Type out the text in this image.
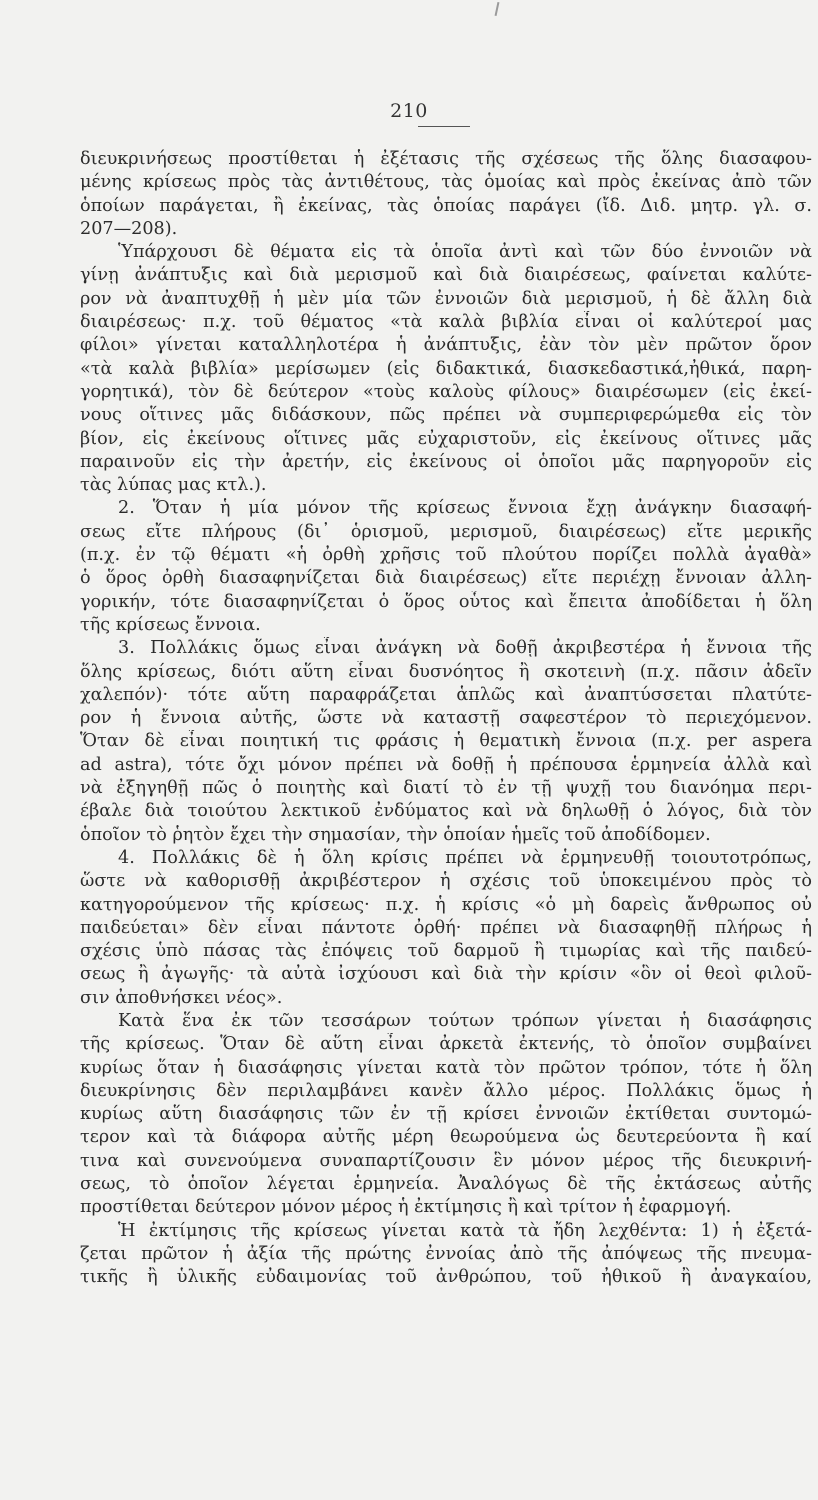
210
διευκρινήσεως προστίθεται ἡ ἐξέτασις τῆς σχέσεως τῆς ὅλης διασαφου-
μένης κρίσεως πρὸς τὰς ἀντιθέτους, τὰς ὁμοίας καὶ πρὸς ἐκείνας ἀπὸ τῶν
ὁποίων παράγεται, ἢ ἐκείνας, τὰς ὁποίας παράγει (ἴδ. Διδ. μητρ. γλ. σ.
207—208).
Ὑπάρχουσι δὲ θέματα εἰς τὰ ὁποῖα ἀντὶ καὶ τῶν δύο ἐννοιῶν νὰ
γίνῃ ἀνάπτυξις καὶ διὰ μερισμοῦ καὶ διὰ διαιρέσεως, φαίνεται καλύτε-
ρον νὰ ἀναπτυχθῇ ἡ μὲν μία τῶν ἐννοιῶν διὰ μερισμοῦ, ἡ δὲ ἄλλη διὰ
διαιρέσεως· π.χ. τοῦ θέματος «τὰ καλὰ βιβλία εἶναι οἱ καλύτεροί μας
φίλοι» γίνεται καταλληλοτέρα ἡ ἀνάπτυξις, ἐὰν τὸν μὲν πρῶτον ὅρον
«τὰ καλὰ βιβλία» μερίσωμεν (εἰς διδακτικά, διασκεδαστικά,ἠθικά, παρη-
γορητικά), τὸν δὲ δεύτερον «τοὺς καλοὺς φίλους» διαιρέσωμεν (εἰς ἐκεί-
νους οἵτινες μᾶς διδάσκουν, πῶς πρέπει νὰ συμπεριφερώμεθα εἰς τὸν
βίον, εἰς ἐκείνους οἵτινες μᾶς εὐχαριστοῦν, εἰς ἐκείνους οἵτινες μᾶς
παραινοῦν εἰς τὴν ἀρετήν, εἰς ἐκείνους οἱ ὁποῖοι μᾶς παρηγοροῦν εἰς
τὰς λύπας μας κτλ.).
2. Ὅταν ἡ μία μόνον τῆς κρίσεως ἔννοια ἔχῃ ἀνάγκην διασαφή-
σεως εἴτε πλήρους (δι᾽ ὁρισμοῦ, μερισμοῦ, διαιρέσεως) εἴτε μερικῆς
(π.χ. ἐν τῷ θέματι «ἡ ὀρθὴ χρῆσις τοῦ πλούτου πορίζει πολλὰ ἀγαθὰ»
ὁ ὅρος ὀρθὴ διασαφηνίζεται διὰ διαιρέσεως) εἴτε περιέχῃ ἔννοιαν ἀλλη-
γορικήν, τότε διασαφηνίζεται ὁ ὅρος οὗτος καὶ ἔπειτα ἀποδίδεται ἡ ὅλη
τῆς κρίσεως ἔννοια.
3. Πολλάκις ὅμως εἶναι ἀνάγκη νὰ δοθῇ ἀκριβεστέρα ἡ ἔννοια τῆς
ὅλης κρίσεως, διότι αὕτη εἶναι δυσνόητος ἢ σκοτεινὴ (π.χ. πᾶσιν ἀδεῖν
χαλεπόν)· τότε αὕτη παραφράζεται ἁπλῶς καὶ ἀναπτύσσεται πλατύτε-
ρον ἡ ἔννοια αὐτῆς, ὥστε νὰ καταστῇ σαφεστέρον τὸ περιεχόμενον.
Ὅταν δὲ εἶναι ποιητική τις φράσις ἡ θεματικὴ ἔννοια (π.χ. per aspera
ad astra), τότε ὄχι μόνον πρέπει νὰ δοθῇ ἡ πρέπουσα ἑρμηνεία ἀλλὰ καὶ
νὰ ἐξηγηθῇ πῶς ὁ ποιητὴς καὶ διατί τὸ ἐν τῇ ψυχῇ του διανόημα περι-
έβαλε διὰ τοιούτου λεκτικοῦ ἐνδύματος καὶ νὰ δηλωθῇ ὁ λόγος, διὰ τὸν
ὁποῖον τὸ ῥητὸν ἔχει τὴν σημασίαν, τὴν ὁποίαν ἡμεῖς τοῦ ἀποδίδομεν.
4. Πολλάκις δὲ ἡ ὅλη κρίσις πρέπει νὰ ἑρμηνευθῇ τοιουτοτρόπως,
ὥστε νὰ καθορισθῇ ἀκριβέστερον ἡ σχέσις τοῦ ὑποκειμένου πρὸς τὸ
κατηγορούμενον τῆς κρίσεως· π.χ. ἡ κρίσις «ὁ μὴ δαρεὶς ἄνθρωπος οὐ
παιδεύεται» δὲν εἶναι πάντοτε ὀρθή· πρέπει νὰ διασαφηθῇ πλήρως ἡ
σχέσις ὑπὸ πάσας τὰς ἐπόψεις τοῦ δαρμοῦ ἢ τιμωρίας καὶ τῆς παιδεύ-
σεως ἢ ἀγωγῆς· τὰ αὐτὰ ἰσχύουσι καὶ διὰ τὴν κρίσιν «ὃν οἱ θεοὶ φιλοῦ-
σιν ἀποθνήσκει νέος».
Κατὰ ἕνα ἐκ τῶν τεσσάρων τούτων τρόπων γίνεται ἡ διασάφησις
τῆς κρίσεως. Ὅταν δὲ αὕτη εἶναι ἀρκετὰ ἐκτενής, τὸ ὁποῖον συμβαίνει
κυρίως ὅταν ἡ διασάφησις γίνεται κατὰ τὸν πρῶτον τρόπον, τότε ἡ ὅλη
διευκρίνησις δὲν περιλαμβάνει κανὲν ἄλλο μέρος. Πολλάκις ὅμως ἡ
κυρίως αὕτη διασάφησις τῶν ἐν τῇ κρίσει ἐννοιῶν ἐκτίθεται συντομώ-
τερον καὶ τὰ διάφορα αὐτῆς μέρη θεωρούμενα ὡς δευτερεύοντα ἢ καί
τινα καὶ συνενούμενα συναπαρτίζουσιν ἓν μόνον μέρος τῆς διευκρινή-
σεως, τὸ ὁποῖον λέγεται ἑρμηνεία. Ἀναλόγως δὲ τῆς ἐκτάσεως αὐτῆς
προστίθεται δεύτερον μόνον μέρος ἡ ἐκτίμησις ἢ καὶ τρίτον ἡ ἐφαρμογή.
Ἡ ἐκτίμησις τῆς κρίσεως γίνεται κατὰ τὰ ἤδη λεχθέντα: 1) ἡ ἐξετά-
ζεται πρῶτον ἡ ἀξία τῆς πρώτης ἐννοίας ἀπὸ τῆς ἀπόψεως τῆς πνευμα-
τικῆς ἢ ὑλικῆς εὐδαιμονίας τοῦ ἀνθρώπου, τοῦ ἠθικοῦ ἢ ἀναγκαίου,
